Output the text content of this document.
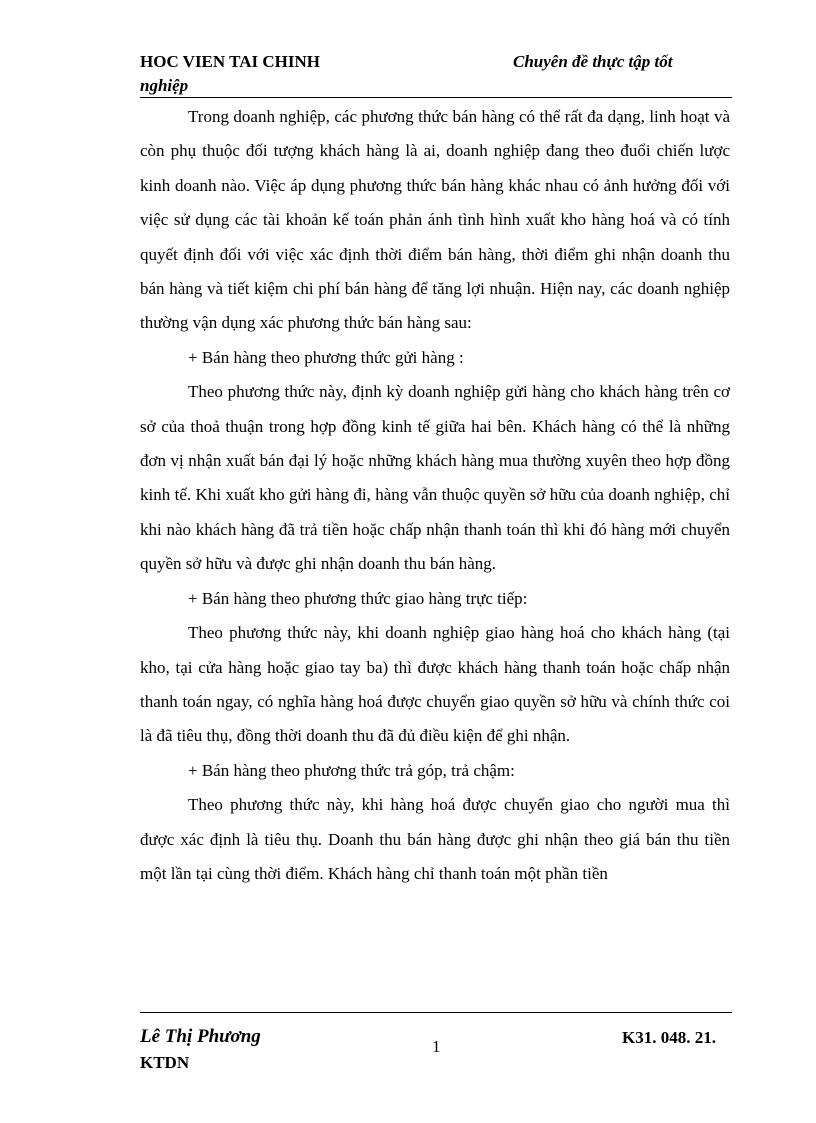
HOC VIEN TAI CHINH	Chuyên đề thực tập tốt
nghiệp

Trong doanh nghiệp, các phương thức bán hàng có thể rất đa dạng, linh hoạt và còn phụ thuộc đối tượng khách hàng là ai, doanh nghiệp đang theo đuổi chiến lược kinh doanh nào. Việc áp dụng phương thức bán hàng khác nhau có ảnh hưởng đối với việc sử dụng các tài khoản kế toán phản ánh tình hình xuất kho hàng hoá và có tính quyết định đối với việc xác định thời điểm bán hàng, thời điểm ghi nhận doanh thu bán hàng và tiết kiệm chi phí bán hàng để tăng lợi nhuận. Hiện nay, các doanh nghiệp thường vận dụng xác phương thức bán hàng sau:

+ Bán hàng theo phương thức gửi hàng :

Theo phương thức này, định kỳ doanh nghiệp gửi hàng cho khách hàng trên cơ sở của thoả thuận trong hợp đồng kinh tế giữa hai bên. Khách hàng có thể là những đơn vị nhận xuất bán đại lý hoặc những khách hàng mua thường xuyên theo hợp đồng kinh tế. Khi xuất kho gửi hàng đi, hàng vẫn thuộc quyền sở hữu của doanh nghiệp, chỉ khi nào khách hàng đã trả tiền hoặc chấp nhận thanh toán thì khi đó hàng mới chuyển quyền sở hữu và được ghi nhận doanh thu bán hàng.

+ Bán hàng theo phương thức giao hàng trực tiếp:

Theo phương thức này, khi doanh nghiệp giao hàng hoá cho khách hàng (tại kho, tại cửa hàng hoặc giao tay ba) thì được khách hàng thanh toán hoặc chấp nhận thanh toán ngay, có nghĩa hàng hoá được chuyển giao quyền sở hữu và chính thức coi là đã tiêu thụ, đồng thời doanh thu đã đủ điều kiện để ghi nhận.

+ Bán hàng theo phương thức trả góp, trả chậm:

Theo phương thức này, khi hàng hoá được chuyển giao cho người mua thì được xác định là tiêu thụ. Doanh thu bán hàng được ghi nhận theo giá bán thu tiền một lần tại cùng thời điểm. Khách hàng chỉ thanh toán một phần tiền

Lê Thị Phương	1	K31. 048. 21.
KTDN
